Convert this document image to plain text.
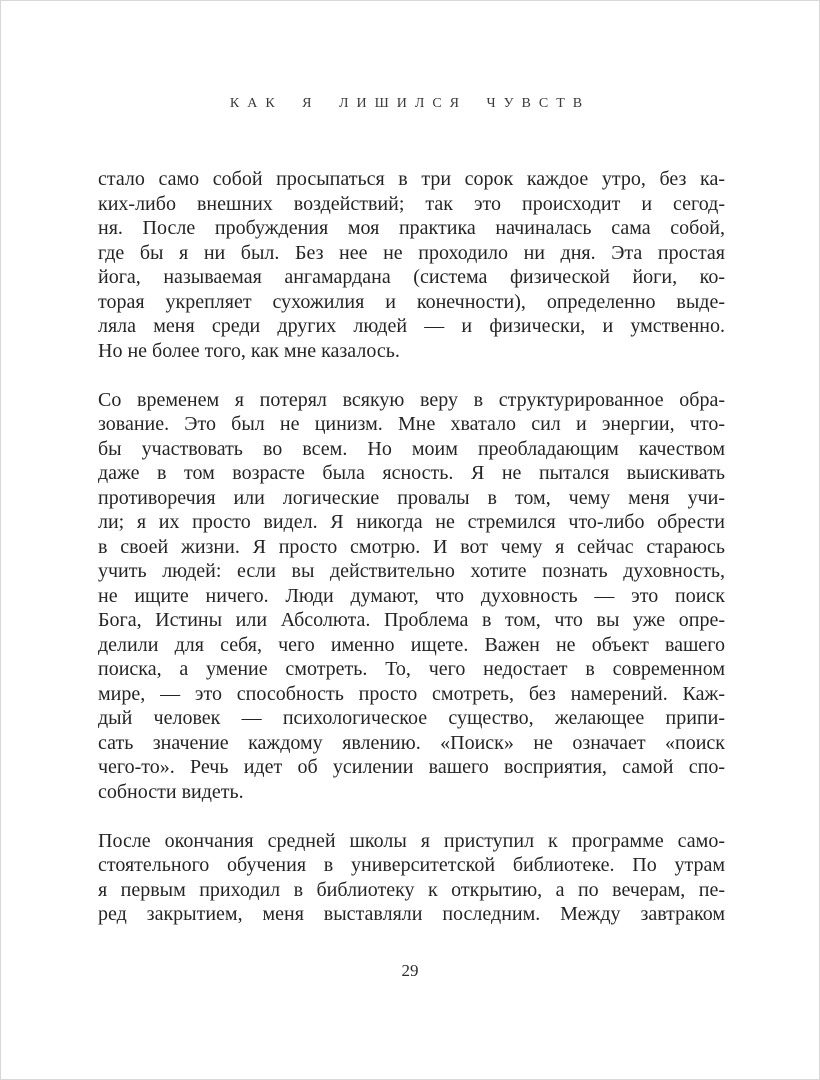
КАК Я ЛИШИЛСЯ ЧУВСТВ
стало само собой просыпаться в три сорок каждое утро, без ка-
ких-либо внешних воздействий; так это происходит и сегод-
ня. После пробуждения моя практика начиналась сама собой,
где бы я ни был. Без нее не проходило ни дня. Эта простая
йога, называемая ангамардана (система физической йоги, ко-
торая укрепляет сухожилия и конечности), определенно выде-
ляла меня среди других людей — и физически, и умственно.
Но не более того, как мне казалось.
Со временем я потерял всякую веру в структурированное обра-
зование. Это был не цинизм. Мне хватало сил и энергии, что-
бы участвовать во всем. Но моим преобладающим качеством
даже в том возрасте была ясность. Я не пытался выискивать
противоречия или логические провалы в том, чему меня учи-
ли; я их просто видел. Я никогда не стремился что-либо обрести
в своей жизни. Я просто смотрю. И вот чему я сейчас стараюсь
учить людей: если вы действительно хотите познать духовность,
не ищите ничего. Люди думают, что духовность — это поиск
Бога, Истины или Абсолюта. Проблема в том, что вы уже опре-
делили для себя, чего именно ищете. Важен не объект вашего
поиска, а умение смотреть. То, чего недостает в современном
мире, — это способность просто смотреть, без намерений. Каж-
дый человек — психологическое существо, желающее припи-
сать значение каждому явлению. «Поиск» не означает «поиск
чего-то». Речь идет об усилении вашего восприятия, самой спо-
собности видеть.
После окончания средней школы я приступил к программе само-
стоятельного обучения в университетской библиотеке. По утрам
я первым приходил в библиотеку к открытию, а по вечерам, пе-
ред закрытием, меня выставляли последним. Между завтраком
29
